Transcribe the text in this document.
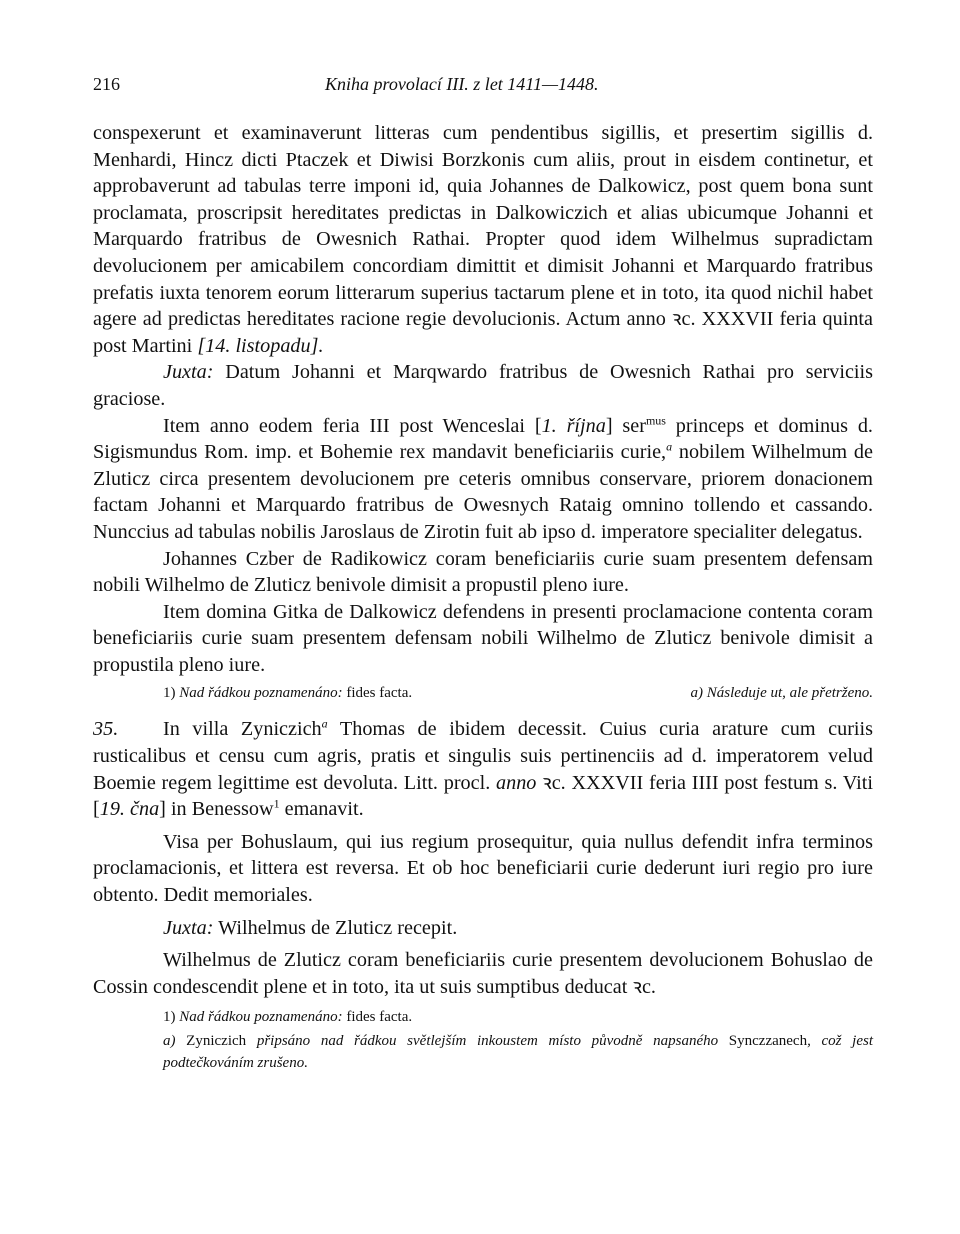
216	Kniha provolací III. z let 1411—1448.

conspexerunt et examinaverunt litteras cum pendentibus sigillis, et presertim sigillis d. Menhardi, Hincz dicti Ptaczek et Diwisi Borzkonis cum aliis, prout in eisdem continetur, et approbaverunt ad tabulas terre imponi id, quia Johannes de Dalkowicz, post quem bona sunt proclamata, proscripsit hereditates predictas in Dalkowiczich et alias ubicumque Johanni et Marquardo fratribus de Owesnich Rathai. Propter quod idem Wilhelmus supradictam devolucionem per amicabilem concordiam dimittit et dimisit Johanni et Marquardo fratribus prefatis iuxta tenorem eorum litterarum superius tactarum plene et in toto, ita quod nichil habet agere ad predictas hereditates racione regie devolucionis. Actum anno ꝛc. XXXVII feria quinta post Martini [14. listopadu].

Juxta: Datum Johanni et Marqwardo fratribus de Owesnich Rathai pro serviciis graciose.

Item anno eodem feria III post Wenceslai [1. října] ser$^{mus}$ princeps et dominus d. Sigismundus Rom. imp. et Bohemie rex mandavit beneficiariis curie,$^a$ nobilem Wilhelmum de Zluticz circa presentem devolucionem pre ceteris omnibus conservare, priorem donacionem factam Johanni et Marquardo fratribus de Owesnych Rataig omnino tollendo et cassando. Nunccius ad tabulas nobilis Jaroslaus de Zirotin fuit ab ipso d. imperatore specialiter delegatus.

Johannes Czber de Radikowicz coram beneficiariis curie suam presentem defensam nobili Wilhelmo de Zluticz benivole dimisit a propustil pleno iure.

Item domina Gitka de Dalkowicz defendens in presenti proclamacione contenta coram beneficiariis curie suam presentem defensam nobili Wilhelmo de Zluticz benivole dimisit a propustila pleno iure.

1) Nad řádkou poznamenáno: fides facta.	a) Následuje ut, ale přetrženo.

35. In villa Zyniczich$^a$ Thomas de ibidem decessit. Cuius curia arature cum curiis rusticalibus et censu cum agris, pratis et singulis suis pertinenciis ad d. imperatorem velud Boemie regem legittime est devoluta. Litt. procl. anno ꝛc. XXXVII feria IIII post festum s. Viti [19. čna] in Benessow$^1$ emanavit.

Visa per Bohuslaum, qui ius regium prosequitur, quia nullus defendit infra terminos proclamacionis, et littera est reversa. Et ob hoc beneficiarii curie dederunt iuri regio pro iure obtento. Dedit memoriales.

Juxta: Wilhelmus de Zluticz recepit.

Wilhelmus de Zluticz coram beneficiariis curie presentem devolucionem Bohuslao de Cossin condescendit plene et in toto, ita ut suis sumptibus deducat ꝛc.

1) Nad řádkou poznamenáno: fides facta.
a) Zyniczich připsáno nad řádkou světlejším inkoustem místo původně napsaného Synczzanech, což jest podtečkováním zrušeno.
